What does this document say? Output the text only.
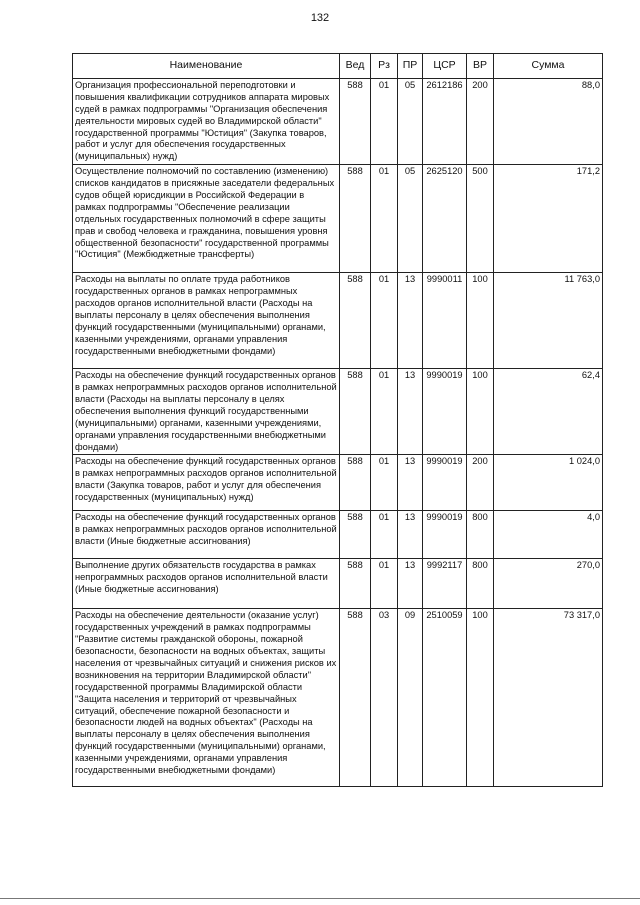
132
Наименование	Вед	Рз	ПР	ЦСР	ВР	Сумма
Организация профессиональной переподготовки и повышения квалификации сотрудников аппарата мировых судей в рамках подпрограммы "Организация обеспечения деятельности мировых судей во Владимирской области" государственной программы "Юстиция" (Закупка товаров, работ и услуг для обеспечения государственных (муниципальных) нужд)	588	01	05	2612186	200	88,0
Осуществление полномочий по составлению (изменению) списков кандидатов в присяжные заседатели федеральных судов общей юрисдикции в Российской Федерации в рамках подпрограммы "Обеспечение реализации отдельных государственных полномочий в сфере защиты прав и свобод человека и гражданина, повышения уровня общественной безопасности" государственной программы "Юстиция" (Межбюджетные трансферты)	588	01	05	2625120	500	171,2
Расходы на выплаты по оплате труда работников государственных органов в рамках непрограммных расходов органов исполнительной власти (Расходы на выплаты персоналу в целях обеспечения выполнения функций государственными (муниципальными) органами, казенными учреждениями, органами управления государственными внебюджетными фондами)	588	01	13	9990011	100	11 763,0
Расходы на обеспечение функций государственных органов в рамках непрограммных расходов органов исполнительной власти (Расходы на выплаты персоналу в целях обеспечения выполнения функций государственными (муниципальными) органами, казенными учреждениями, органами управления государственными внебюджетными фондами)	588	01	13	9990019	100	62,4
Расходы на обеспечение функций государственных органов в рамках непрограммных расходов органов исполнительной власти (Закупка товаров, работ и услуг для обеспечения государственных (муниципальных) нужд)	588	01	13	9990019	200	1 024,0
Расходы на обеспечение функций государственных органов в рамках непрограммных расходов органов исполнительной власти (Иные бюджетные ассигнования)	588	01	13	9990019	800	4,0
Выполнение других обязательств государства в рамках непрограммных расходов органов исполнительной власти (Иные бюджетные ассигнования)	588	01	13	9992117	800	270,0
Расходы на обеспечение деятельности (оказание услуг) государственных учреждений в рамках подпрограммы "Развитие системы гражданской обороны, пожарной безопасности, безопасности на водных объектах, защиты населения от чрезвычайных ситуаций и снижения рисков их возникновения на территории Владимирской области" государственной программы Владимирской области "Защита населения и территорий от чрезвычайных ситуаций, обеспечение пожарной безопасности и безопасности людей на водных объектах" (Расходы на выплаты персоналу в целях обеспечения выполнения функций государственными (муниципальными) органами, казенными учреждениями, органами управления государственными внебюджетными фондами)	588	03	09	2510059	100	73 317,0
